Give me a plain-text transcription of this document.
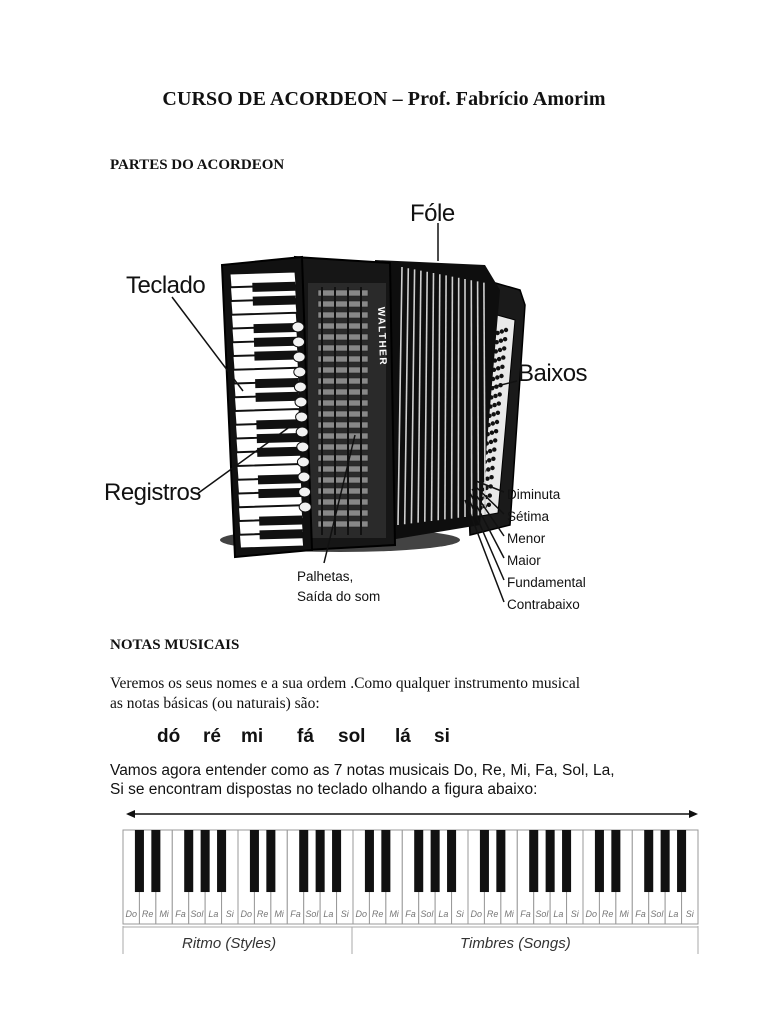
CURSO DE ACORDEON – Prof. Fabrício Amorim
PARTES DO ACORDEON
WALTHER
Fóle
Teclado
Baixos
Registros
Palhetas,
Saída do som
Diminuta
Sétima
Menor
Maior
Fundamental
Contrabaixo
NOTAS MUSICAIS
Veremos os seus nomes e a sua ordem .Como qualquer instrumento musical
as notas básicas (ou naturais) são:
dó ré mi fá sol lá si
Vamos agora entender como as 7 notas musicais Do, Re, Mi, Fa, Sol, La,
Si se encontram dispostas no teclado olhando a figura abaixo:
Do Re Mi Fa Sol La Si Do Re Mi Fa Sol La Si Do Re Mi Fa Sol La Si Do Re Mi Fa Sol La Si Do Re Mi Fa Sol La Si
Ritmo (Styles)	Timbres (Songs)
